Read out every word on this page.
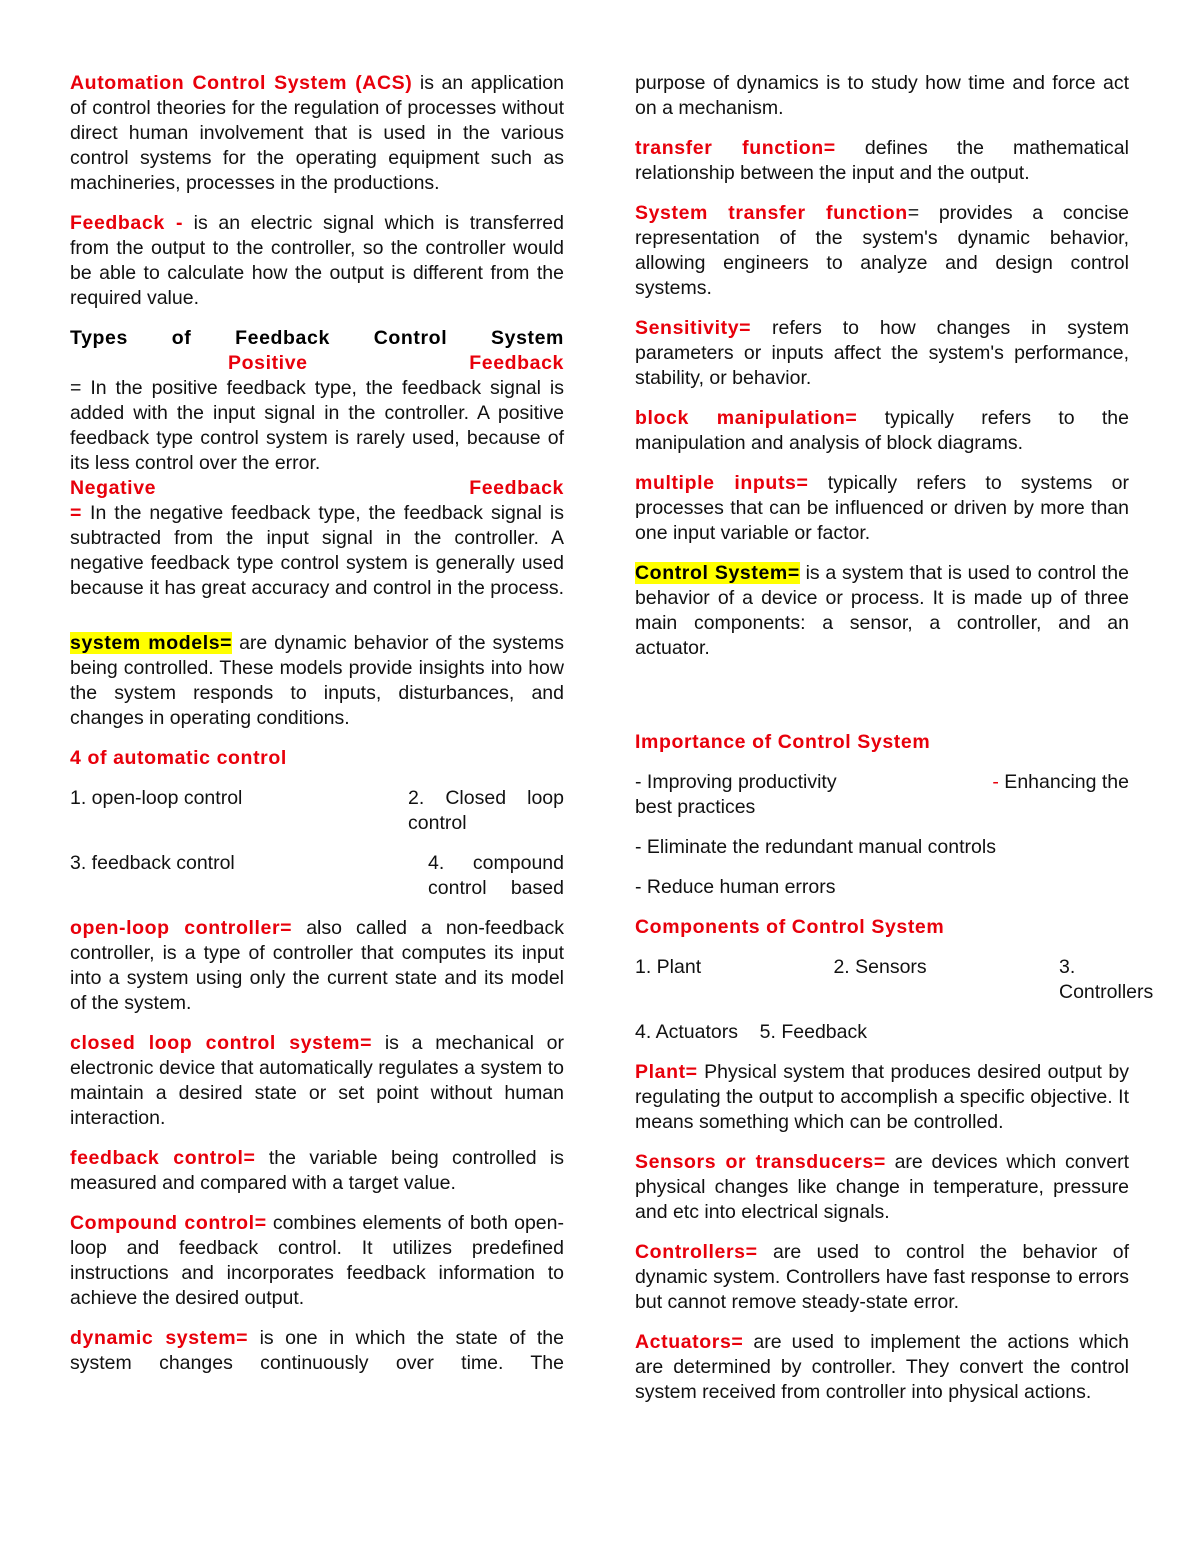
Automation Control System (ACS) is an application of control theories for the regulation of processes without direct human involvement that is used in the various control systems for the operating equipment such as machineries, processes in the productions.

Feedback - is an electric signal which is transferred from the output to the controller, so the controller would be able to calculate how the output is different from the required value.

Types of Feedback Control System
Positive Feedback
= In the positive feedback type, the feedback signal is added with the input signal in the controller. A positive feedback type control system is rarely used, because of its less control over the error.
Negative Feedback
= In the negative feedback type, the feedback signal is subtracted from the input signal in the controller. A negative feedback type control system is generally used because it has great accuracy and control in the process.

system models= are dynamic behavior of the systems being controlled. These models provide insights into how the system responds to inputs, disturbances, and changes in operating conditions.

4 of automatic control

1. open-loop control	2. Closed loop control

3. feedback control	4. compound control based

open-loop controller= also called a non-feedback controller, is a type of controller that computes its input into a system using only the current state and its model of the system.

closed loop control system= is a mechanical or electronic device that automatically regulates a system to maintain a desired state or set point without human interaction.

feedback control= the variable being controlled is measured and compared with a target value.

Compound control= combines elements of both open-loop and feedback control. It utilizes predefined instructions and incorporates feedback information to achieve the desired output.

dynamic system= is one in which the state of the system changes continuously over time. The

purpose of dynamics is to study how time and force act on a mechanism.

transfer function= defines the mathematical relationship between the input and the output.

System transfer function= provides a concise representation of the system's dynamic behavior, allowing engineers to analyze and design control systems.

Sensitivity= refers to how changes in system parameters or inputs affect the system's performance, stability, or behavior.

block manipulation= typically refers to the manipulation and analysis of block diagrams.

multiple inputs= typically refers to systems or processes that can be influenced or driven by more than one input variable or factor.

Control System= is a system that is used to control the behavior of a device or process. It is made up of three main components: a sensor, a controller, and an actuator.

Importance of Control System

- Improving productivity	- Enhancing the
best practices

- Eliminate the redundant manual controls

- Reduce human errors

Components of Control System

1. Plant	2. Sensors	3. Controllers

4. Actuators 5. Feedback

Plant= Physical system that produces desired output by regulating the output to accomplish a specific objective. It means something which can be controlled.

Sensors or transducers= are devices which convert physical changes like change in temperature, pressure and etc into electrical signals.

Controllers= are used to control the behavior of dynamic system. Controllers have fast response to errors but cannot remove steady-state error.

Actuators= are used to implement the actions which are determined by controller. They convert the control system received from controller into physical actions.
